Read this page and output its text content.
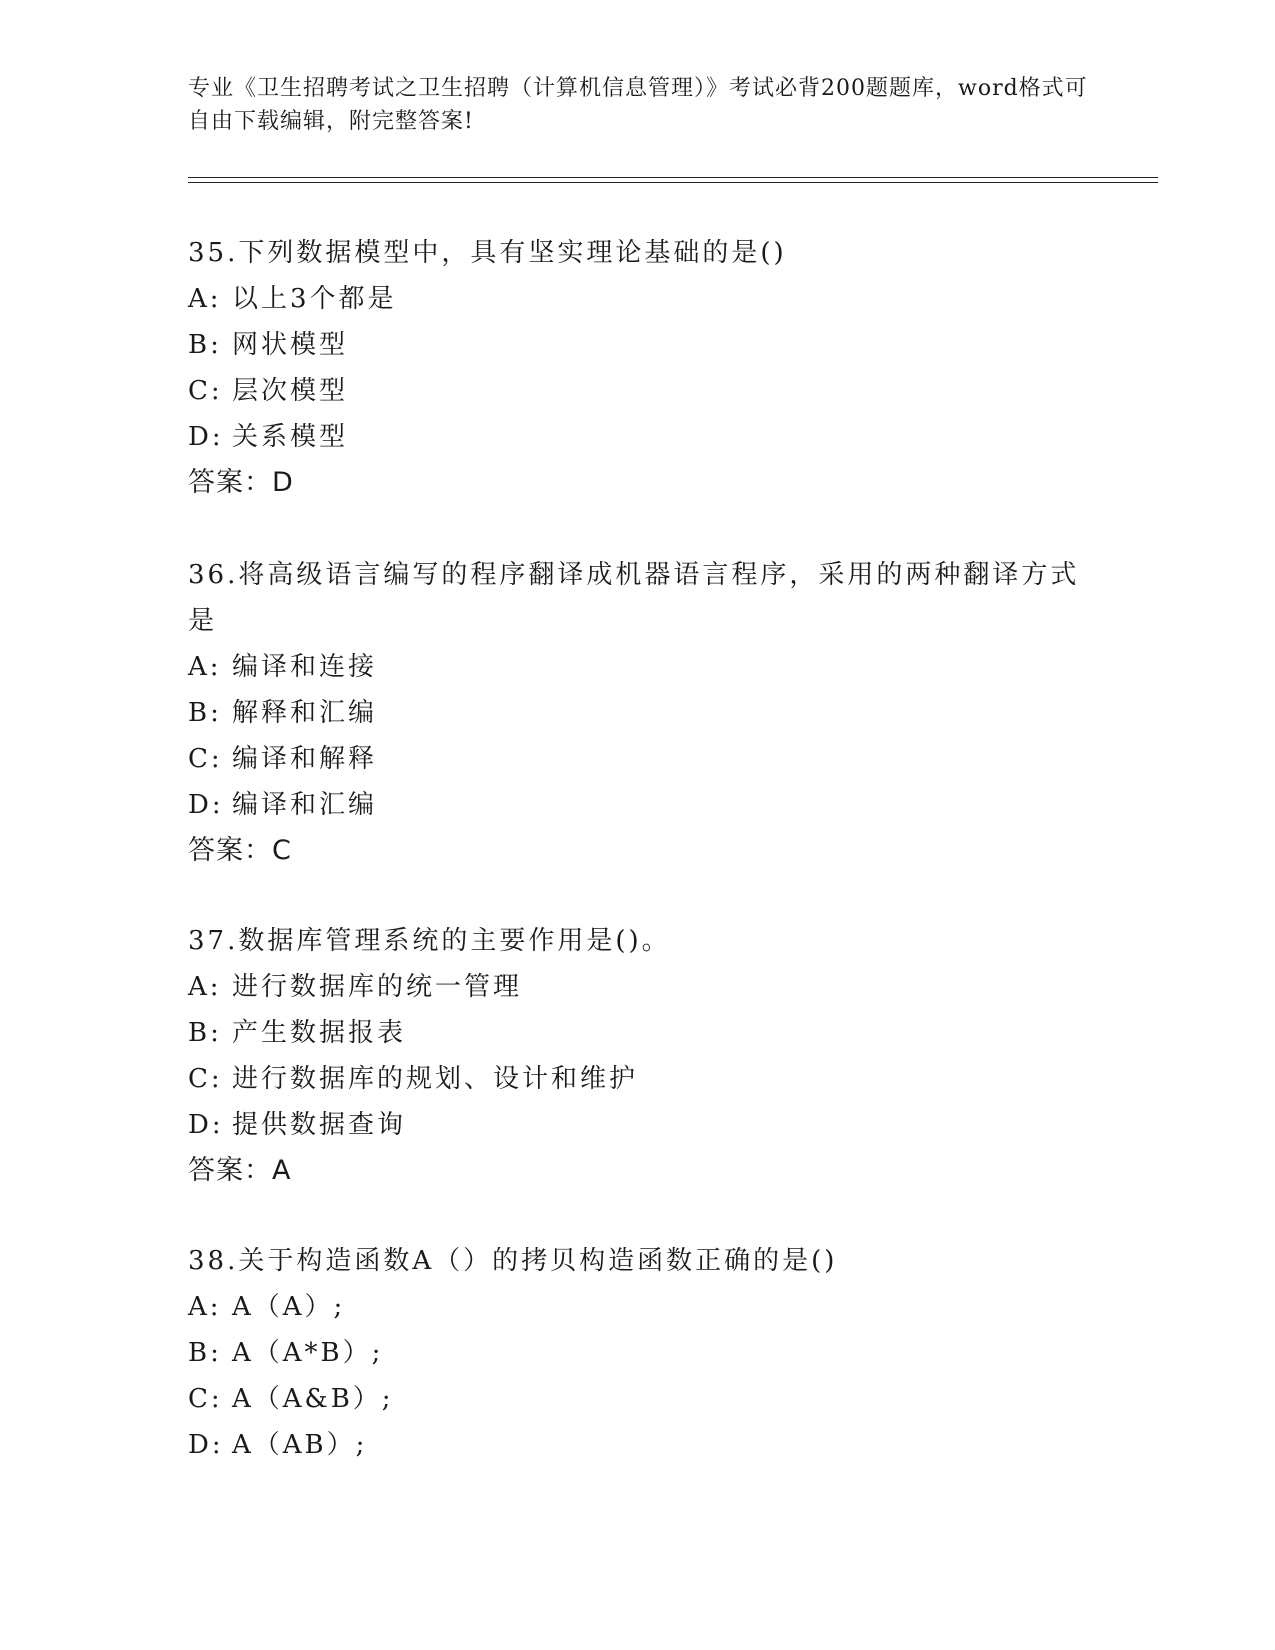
专业《卫生招聘考试之卫生招聘（计算机信息管理）》考试必背200题题库，word格式可自由下载编辑，附完整答案!
35.下列数据模型中，具有坚实理论基础的是()
A: 以上3个都是
B: 网状模型
C: 层次模型
D: 关系模型
答案：D
36.将高级语言编写的程序翻译成机器语言程序，采用的两种翻译方式是
A: 编译和连接
B: 解释和汇编
C: 编译和解释
D: 编译和汇编
答案：C
37.数据库管理系统的主要作用是()。
A: 进行数据库的统一管理
B: 产生数据报表
C: 进行数据库的规划、设计和维护
D: 提供数据查询
答案：A
38.关于构造函数A（）的拷贝构造函数正确的是()
A: A（A）;
B: A（A*B）;
C: A（A&B）;
D: A（AB）;
